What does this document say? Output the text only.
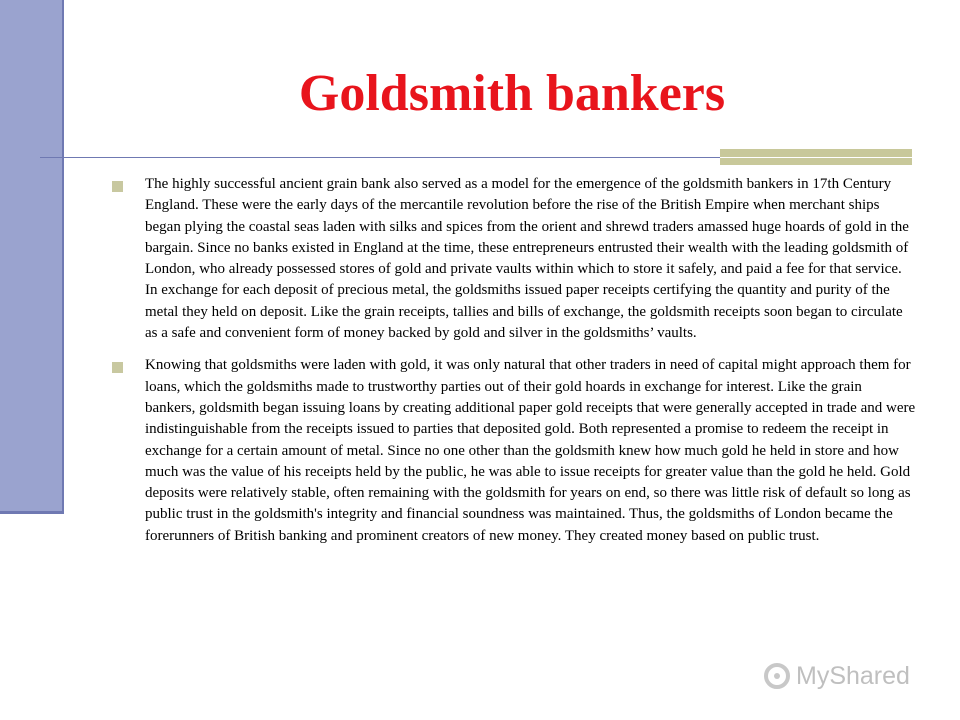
Goldsmith bankers

The highly successful ancient grain bank also served as a model for the emergence of the goldsmith bankers in 17th Century England. These were the early days of the mercantile revolution before the rise of the British Empire when merchant ships began plying the coastal seas laden with silks and spices from the orient and shrewd traders amassed huge hoards of gold in the bargain. Since no banks existed in England at the time, these entrepreneurs entrusted their wealth with the leading goldsmith of London, who already possessed stores of gold and private vaults within which to store it safely, and paid a fee for that service. In exchange for each deposit of precious metal, the goldsmiths issued paper receipts certifying the quantity and purity of the metal they held on deposit. Like the grain receipts, tallies and bills of exchange, the goldsmith receipts soon began to circulate as a safe and convenient form of money backed by gold and silver in the goldsmiths’ vaults.

Knowing that goldsmiths were laden with gold, it was only natural that other traders in need of capital might approach them for loans, which the goldsmiths made to trustworthy parties out of their gold hoards in exchange for interest. Like the grain bankers, goldsmith began issuing loans by creating additional paper gold receipts that were generally accepted in trade and were indistinguishable from the receipts issued to parties that deposited gold. Both represented a promise to redeem the receipt in exchange for a certain amount of metal. Since no one other than the goldsmith knew how much gold he held in store and how much was the value of his receipts held by the public, he was able to issue receipts for greater value than the gold he held. Gold deposits were relatively stable, often remaining with the goldsmith for years on end, so there was little risk of default so long as public trust in the goldsmith's integrity and financial soundness was maintained. Thus, the goldsmiths of London became the forerunners of British banking and prominent creators of new money. They created money based on public trust.

MyShared
